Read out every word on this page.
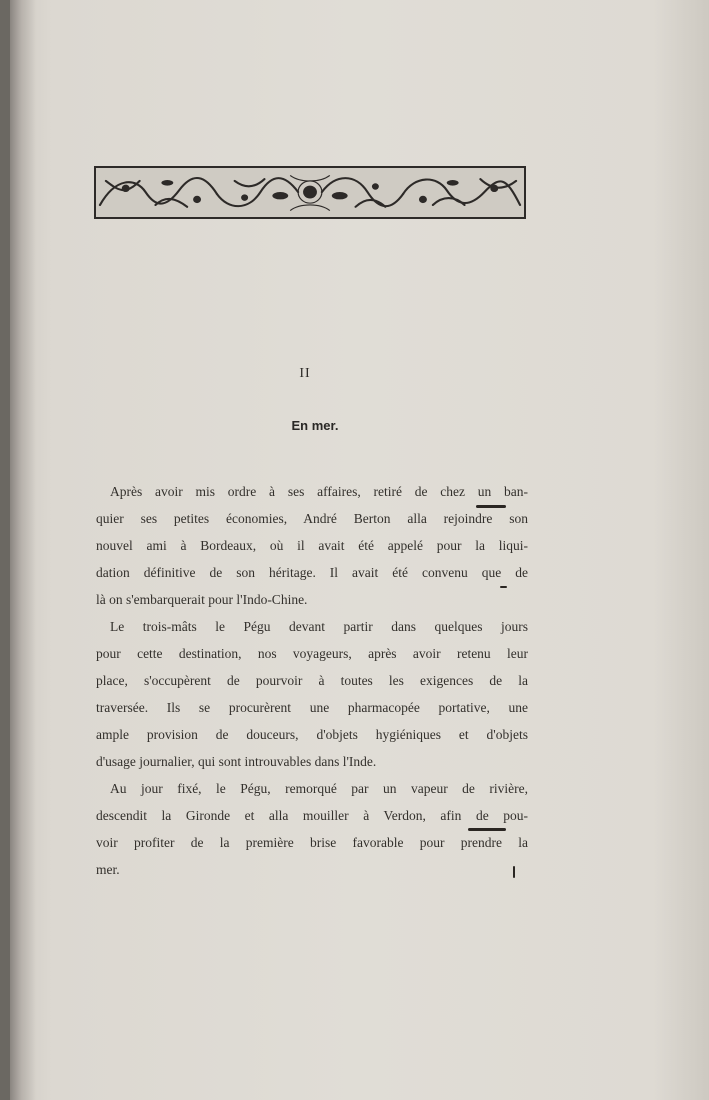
II
En mer.
Après avoir mis ordre à ses affaires, retiré de chez un ban-
quier ses petites économies, André Berton alla rejoindre son
nouvel ami à Bordeaux, où il avait été appelé pour la liqui-
dation définitive de son héritage. Il avait été convenu que de
là on s'embarquerait pour l'Indo-Chine.
Le trois-mâts le Pégu devant partir dans quelques jours
pour cette destination, nos voyageurs, après avoir retenu leur
place, s'occupèrent de pourvoir à toutes les exigences de la
traversée. Ils se procurèrent une pharmacopée portative, une
ample provision de douceurs, d'objets hygiéniques et d'objets
d'usage journalier, qui sont introuvables dans l'Inde.
Au jour fixé, le Pégu, remorqué par un vapeur de rivière,
descendit la Gironde et alla mouiller à Verdon, afin de pou-
voir profiter de la première brise favorable pour prendre la
mer.
